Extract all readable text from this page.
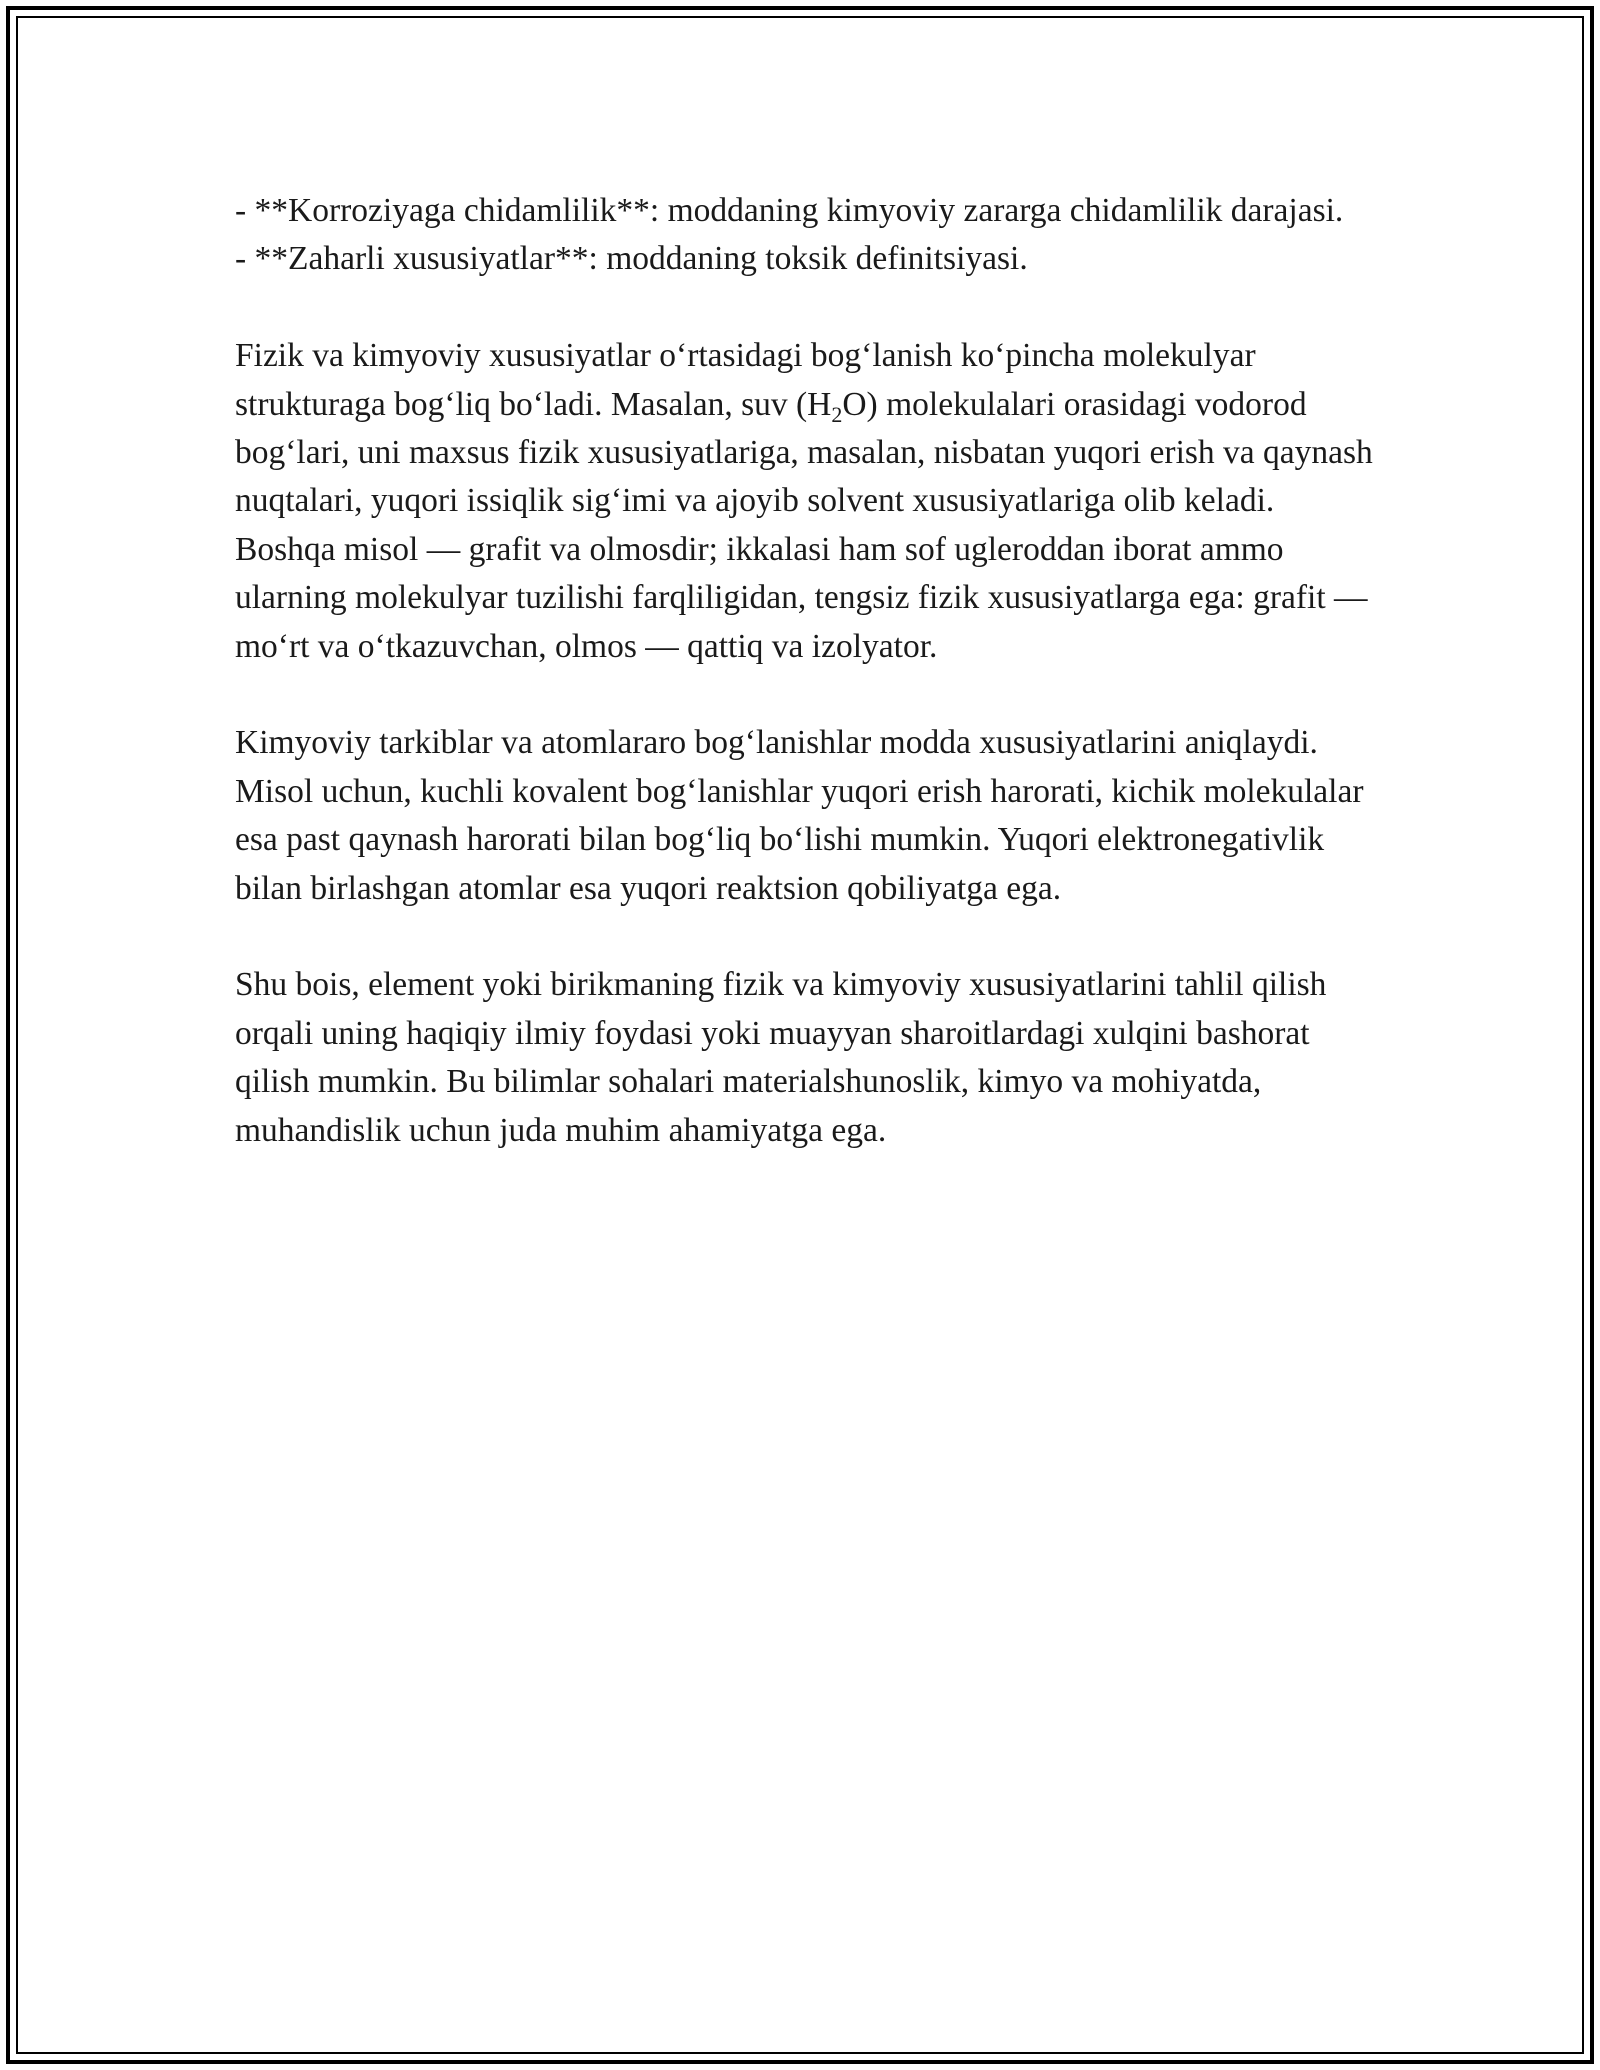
- **Korroziyaga chidamlilik**: moddaning kimyoviy zararga chidamlilik darajasi.
- **Zaharli xususiyatlar**: moddaning toksik definitsiyasi.

Fizik va kimyoviy xususiyatlar o‘rtasidagi bog‘lanish ko‘pincha molekulyar strukturaga bog‘liq bo‘ladi. Masalan, suv $(H_2O)$ molekulalari orasidagi vodorod bog‘lari, uni maxsus fizik xususiyatlariga, masalan, nisbatan yuqori erish va qaynash nuqtalari, yuqori issiqlik sig‘imi va ajoyib solvent xususiyatlariga olib keladi. Boshqa misol — grafit va olmosdir; ikkalasi ham sof ugleroddan iborat ammo ularning molekulyar tuzilishi farqliligidan, tengsiz fizik xususiyatlarga ega: grafit — mo‘rt va o‘tkazuvchan, olmos — qattiq va izolyator.

Kimyoviy tarkiblar va atomlararo bog‘lanishlar modda xususiyatlarini aniqlaydi. Misol uchun, kuchli kovalent bog‘lanishlar yuqori erish harorati, kichik molekulalar esa past qaynash harorati bilan bog‘liq bo‘lishi mumkin. Yuqori elektronegativlik bilan birlashgan atomlar esa yuqori reaktsion qobiliyatga ega.

Shu bois, element yoki birikmaning fizik va kimyoviy xususiyatlarini tahlil qilish orqali uning haqiqiy ilmiy foydasi yoki muayyan sharoitlardagi xulqini bashorat qilish mumkin. Bu bilimlar sohalari materialshunoslik, kimyo va mohiyatda, muhandislik uchun juda muhim ahamiyatga ega.
